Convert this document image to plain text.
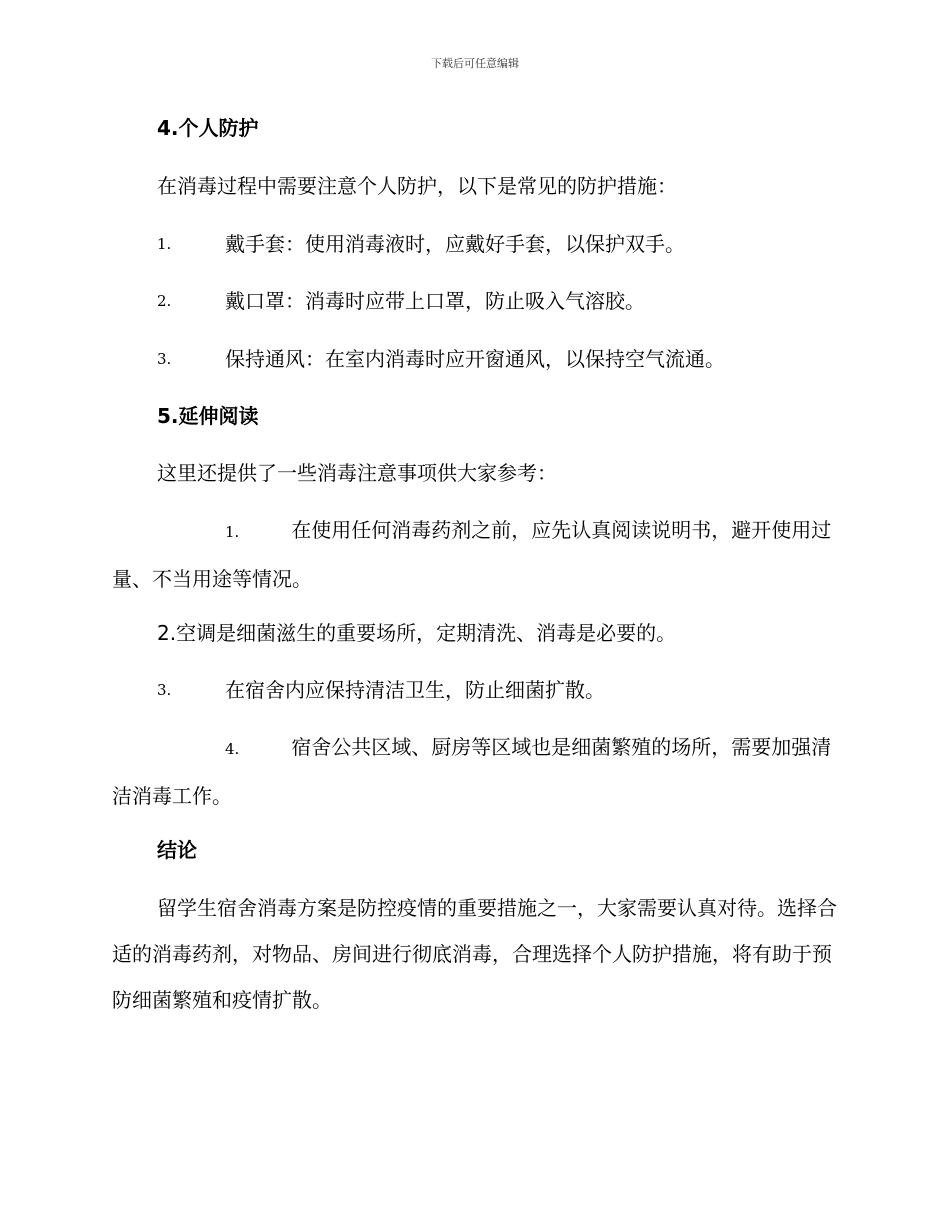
下载后可任意编辑
4.个人防护
在消毒过程中需要注意个人防护，以下是常见的防护措施：
1.	戴手套：使用消毒液时，应戴好手套，以保护双手。
2.	戴口罩：消毒时应带上口罩，防止吸入气溶胶。
3.	保持通风：在室内消毒时应开窗通风，以保持空气流通。
5.延伸阅读
这里还提供了一些消毒注意事项供大家参考：
1.	在使用任何消毒药剂之前，应先认真阅读说明书，避开使用过量、不当用途等情况。
2.空调是细菌滋生的重要场所，定期清洗、消毒是必要的。
3.	在宿舍内应保持清洁卫生，防止细菌扩散。
4.	宿舍公共区域、厨房等区域也是细菌繁殖的场所，需要加强清洁消毒工作。
结论
留学生宿舍消毒方案是防控疫情的重要措施之一，大家需要认真对待。选择合适的消毒药剂，对物品、房间进行彻底消毒，合理选择个人防护措施，将有助于预防细菌繁殖和疫情扩散。
